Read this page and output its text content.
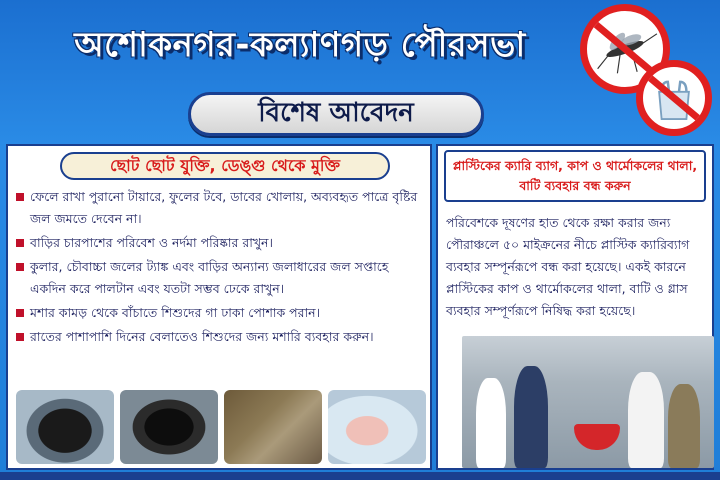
অশোকনগর-কল্যাণগড় পৌরসভা
বিশেষ আবেদন
ছোট ছোট যুক্তি, ডেঙ্গু থেকে মুক্তি
ফেলে রাখা পুরানো টায়ারে, ফুলের টবে, ডাবের খোলায়, অব্যবহৃত পাত্রে বৃষ্টির জল জমতে দেবেন না।
বাড়ির চারপাশের পরিবেশ ও নর্দমা পরিষ্কার রাখুন।
কুলার, চৌবাচ্চা জলের ট্যাঙ্ক এবং বাড়ির অন্যান্য জলাধারের জল সপ্তাহে একদিন করে পালটান এবং যতটা সম্ভব ঢেকে রাখুন।
মশার কামড় থেকে বাঁচাতে শিশুদের গা ঢাকা পোশাক পরান।
রাতের পাশাপাশি দিনের বেলাতেও শিশুদের জন্য মশারি ব্যবহার করুন।
প্লাস্টিকের ক্যারি ব্যাগ, কাপ ও থার্মোকলের থালা, বাটি ব্যবহার বন্ধ করুন
পরিবেশকে দূষণের হাত থেকে রক্ষা করার জন্য পৌরাঞ্চলে ৫০ মাইক্রনের নীচে প্লাস্টিক ক্যারিব্যাগ ব্যবহার সম্পূর্নরূপে বন্ধ করা হয়েছে। একই কারনে প্লাস্টিকের কাপ ও থার্মোকলের থালা, বাটি ও গ্লাস ব্যবহার সম্পূর্ণরূপে নিষিদ্ধ করা হয়েছে।
